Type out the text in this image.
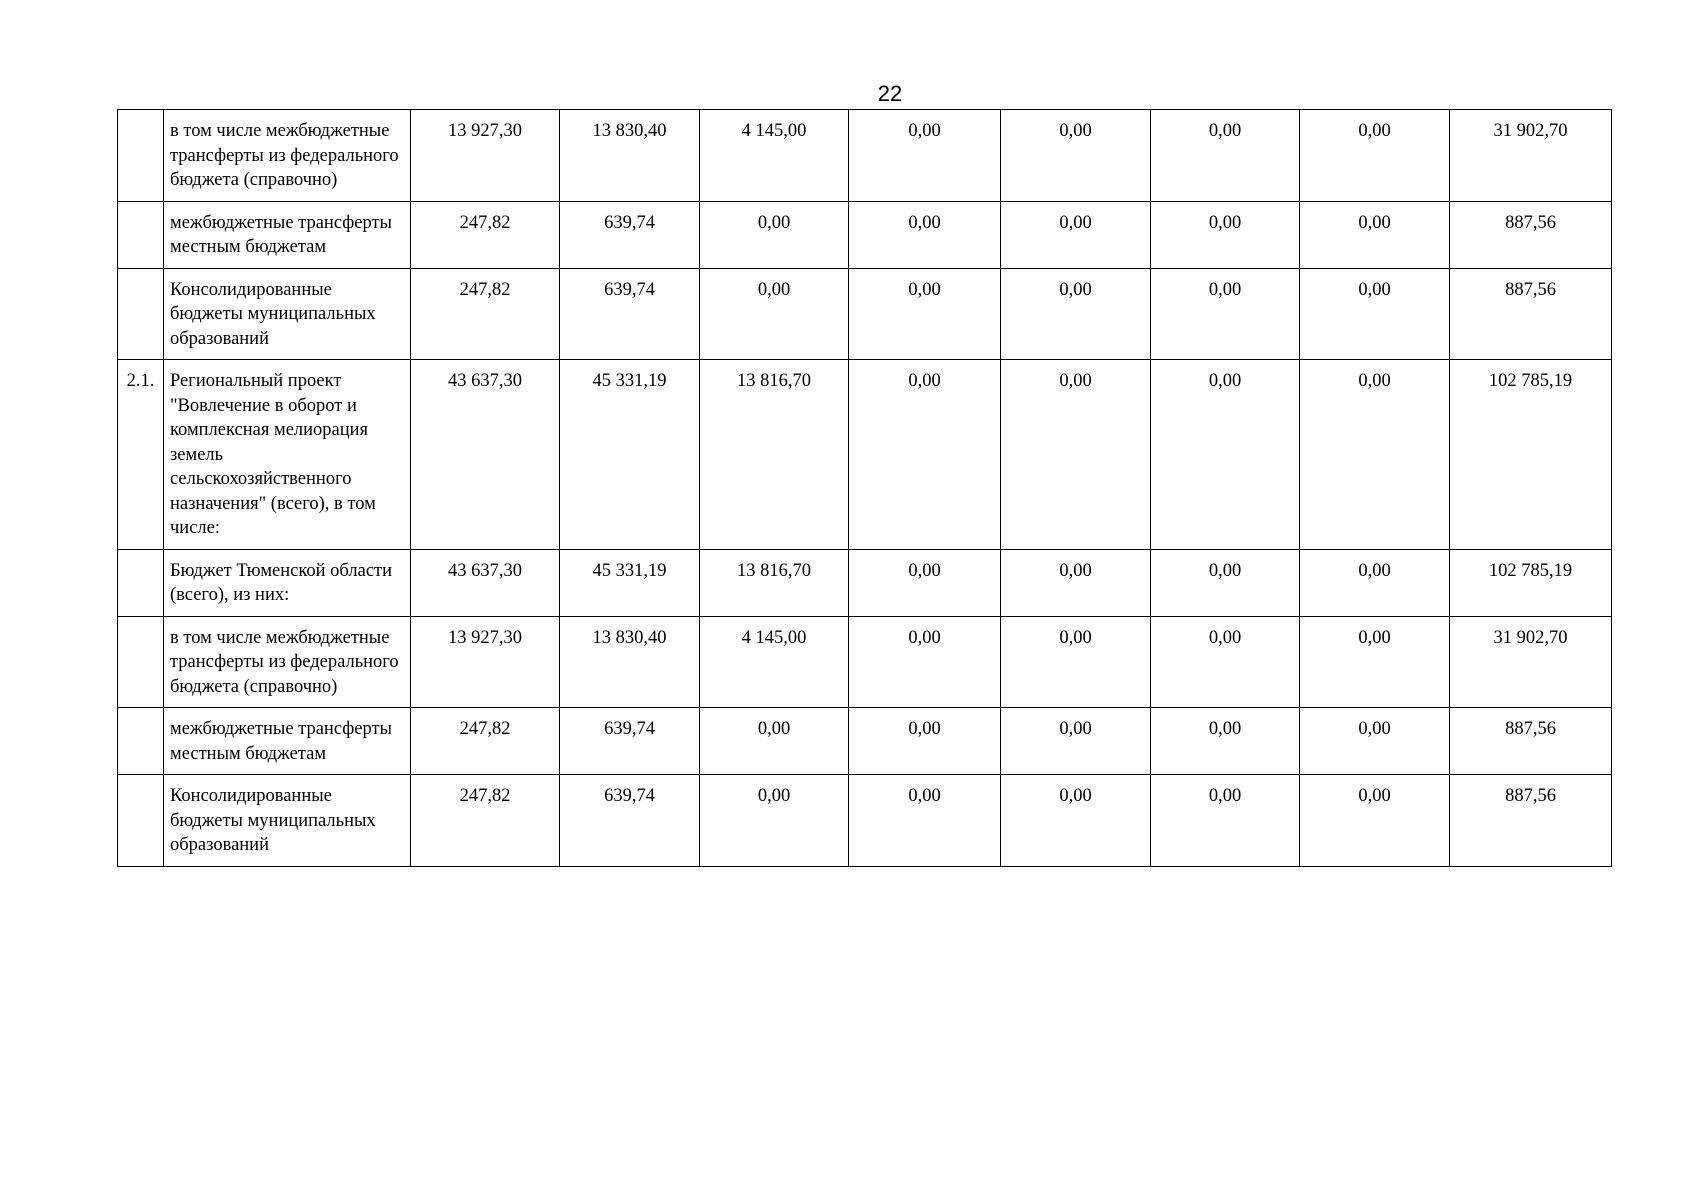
22
	в том числе межбюджетные трансферты из федерального бюджета (справочно)	13 927,30	13 830,40	4 145,00	0,00	0,00	0,00	0,00	31 902,70
	межбюджетные трансферты местным бюджетам	247,82	639,74	0,00	0,00	0,00	0,00	0,00	887,56
	Консолидированные бюджеты муниципальных образований	247,82	639,74	0,00	0,00	0,00	0,00	0,00	887,56
2.1.	Региональный проект "Вовлечение в оборот и комплексная мелиорация земель сельскохозяйственного назначения" (всего), в том числе:	43 637,30	45 331,19	13 816,70	0,00	0,00	0,00	0,00	102 785,19
	Бюджет Тюменской области (всего), из них:	43 637,30	45 331,19	13 816,70	0,00	0,00	0,00	0,00	102 785,19
	в том числе межбюджетные трансферты из федерального бюджета (справочно)	13 927,30	13 830,40	4 145,00	0,00	0,00	0,00	0,00	31 902,70
	межбюджетные трансферты местным бюджетам	247,82	639,74	0,00	0,00	0,00	0,00	0,00	887,56
	Консолидированные бюджеты муниципальных образований	247,82	639,74	0,00	0,00	0,00	0,00	0,00	887,56
